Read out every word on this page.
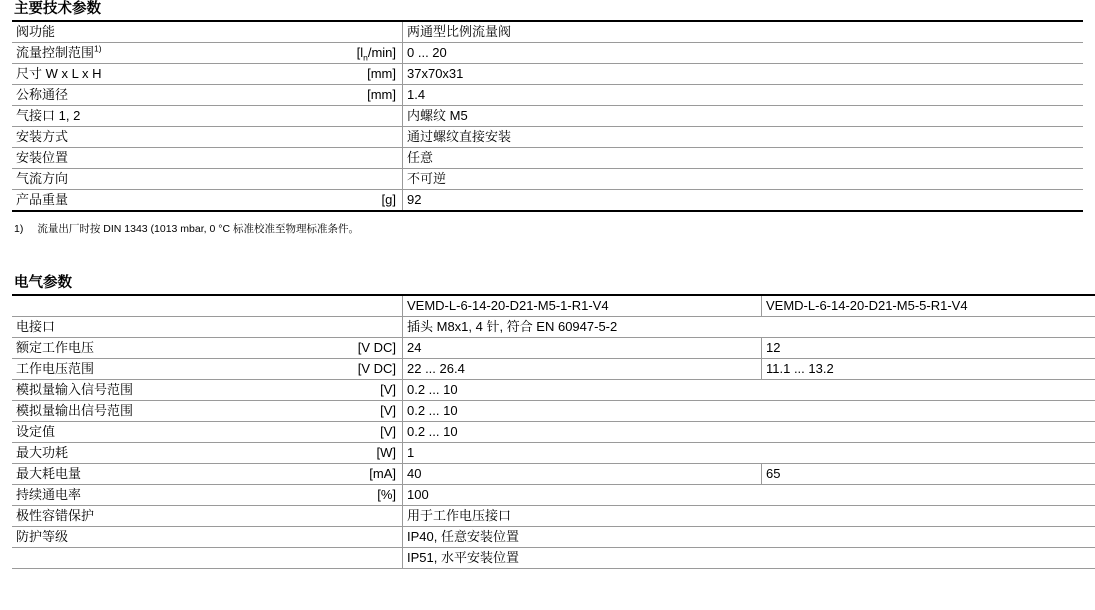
主要技术参数
阀功能		两通型比例流量阀
流量控制范围$^{1)}$	$[l_n/\min]$	0 ... 20
尺寸 W x L x H	[mm]	37x70x31
公称通径	[mm]	1.4
气接口 1, 2		内螺纹 M5
安装方式		通过螺纹直接安装
安装位置		任意
气流方向		不可逆
产品重量	[g]	92
1) 流量出厂时按 DIN 1343 (1013 mbar, 0 °C 标准校准至物理标准条件。
电气参数
		VEMD-L-6-14-20-D21-M5-1-R1-V4	VEMD-L-6-14-20-D21-M5-5-R1-V4
电接口		插头 M8x1, 4 针, 符合 EN 60947-5-2	
额定工作电压	[V DC]	24	12
工作电压范围	[V DC]	22 ... 26.4	11.1 ... 13.2
模拟量输入信号范围	[V]	0.2 ... 10	
模拟量输出信号范围	[V]	0.2 ... 10	
设定值	[V]	0.2 ... 10	
最大功耗	[W]	1	
最大耗电量	[mA]	40	65
持续通电率	[%]	100	
极性容错保护		用于工作电压接口	
防护等级		IP40, 任意安装位置	
		IP51, 水平安装位置	
